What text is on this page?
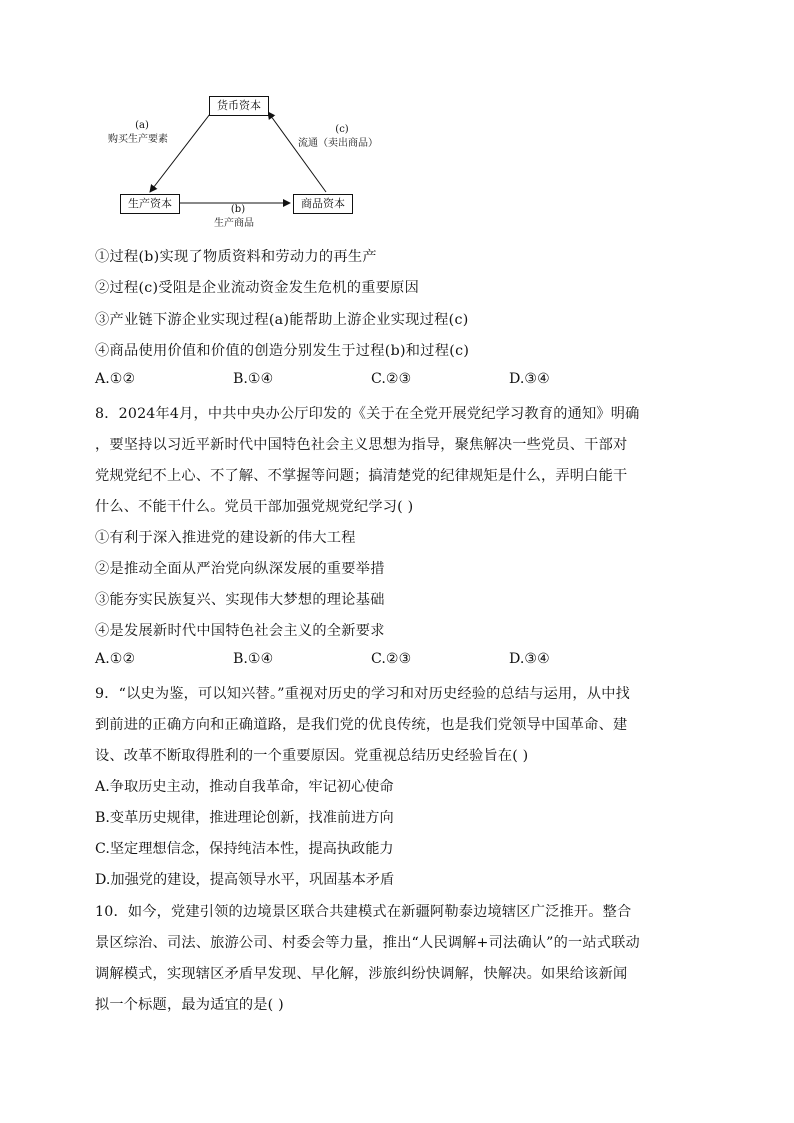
货币资本
生产资本	商品资本
(a)
购买生产要素
(b)
生产商品
(c)
流通（卖出商品）
①过程(b)实现了物质资料和劳动力的再生产
②过程(c)受阻是企业流动资金发生危机的重要原因
③产业链下游企业实现过程(a)能帮助上游企业实现过程(c)
④商品使用价值和价值的创造分别发生于过程(b)和过程(c)
A.①②	B.①④	C.②③	D.③④
8．2024年4月，中共中央办公厅印发的《关于在全党开展党纪学习教育的通知》明确
，要坚持以习近平新时代中国特色社会主义思想为指导，聚焦解决一些党员、干部对
党规党纪不上心、不了解、不掌握等问题；搞清楚党的纪律规矩是什么，弄明白能干
什么、不能干什么。党员干部加强党规党纪学习( )
①有利于深入推进党的建设新的伟大工程
②是推动全面从严治党向纵深发展的重要举措
③能夯实民族复兴、实现伟大梦想的理论基础
④是发展新时代中国特色社会主义的全新要求
A.①②	B.①④	C.②③	D.③④
9．“以史为鉴，可以知兴替。”重视对历史的学习和对历史经验的总结与运用，从中找
到前进的正确方向和正确道路，是我们党的优良传统，也是我们党领导中国革命、建
设、改革不断取得胜利的一个重要原因。党重视总结历史经验旨在( )
A.争取历史主动，推动自我革命，牢记初心使命
B.变革历史规律，推进理论创新，找准前进方向
C.坚定理想信念，保持纯洁本性，提高执政能力
D.加强党的建设，提高领导水平，巩固基本矛盾
10．如今，党建引领的边境景区联合共建模式在新疆阿勒泰边境辖区广泛推开。整合
景区综治、司法、旅游公司、村委会等力量，推出“人民调解+司法确认”的一站式联动
调解模式，实现辖区矛盾早发现、早化解，涉旅纠纷快调解，快解决。如果给该新闻
拟一个标题，最为适宜的是( )
